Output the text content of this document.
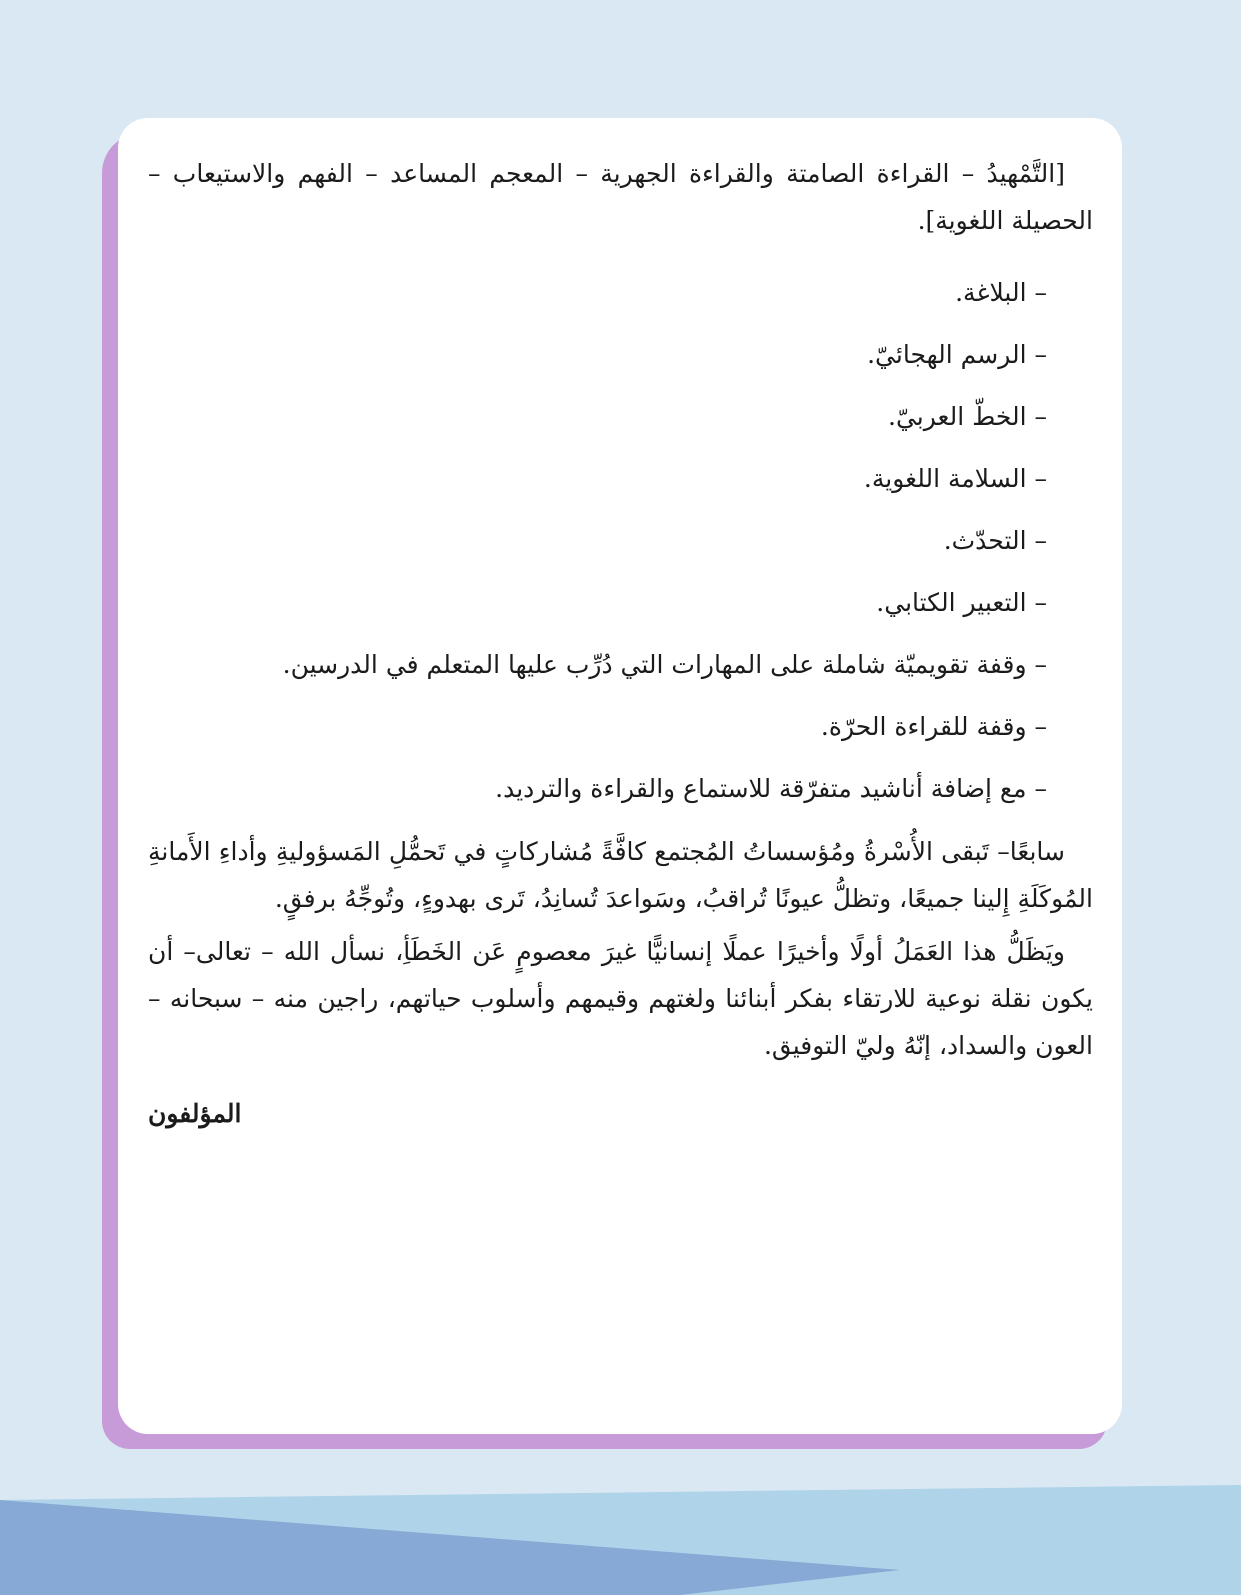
[التَّمْهيدُ – القراءة الصامتة والقراءة الجهرية – المعجم المساعد – الفهم والاستيعاب – الحصيلة اللغوية].

– البلاغة.
– الرسم الهجائيّ.
– الخطّ العربيّ.
– السلامة اللغوية.
– التحدّث.
– التعبير الكتابي.
– وقفة تقويميّة شاملة على المهارات التي دُرِّب عليها المتعلم في الدرسين.
– وقفة للقراءة الحرّة.
– مع إضافة أناشيد متفرّقة للاستماع والقراءة والترديد.

سابعًا– تَبقى الأُسْرةُ ومُؤسساتُ المُجتمع كافَّةً مُشاركاتٍ في تَحمُّلِ المَسؤوليةِ وأداءِ الأَمانةِ المُوكَلَةِ إِلينا جميعًا، وتظلُّ عيونًا تُراقبُ، وسَواعدَ تُسانِدُ، تَرى بهدوءٍ، وتُوجِّهُ برفقٍ.

ويَظَلُّ هذا العَمَلُ أولًا وأخيرًا عملًا إنسانيًّا غيرَ معصومٍ عَن الخَطَأِ، نسأل الله – تعالى– أن يكون نقلة نوعية للارتقاء بفكر أبنائنا ولغتهم وقيمهم وأسلوب حياتهم، راجين منه – سبحانه – العون والسداد، إنّهُ وليّ التوفيق.

المؤلفون
